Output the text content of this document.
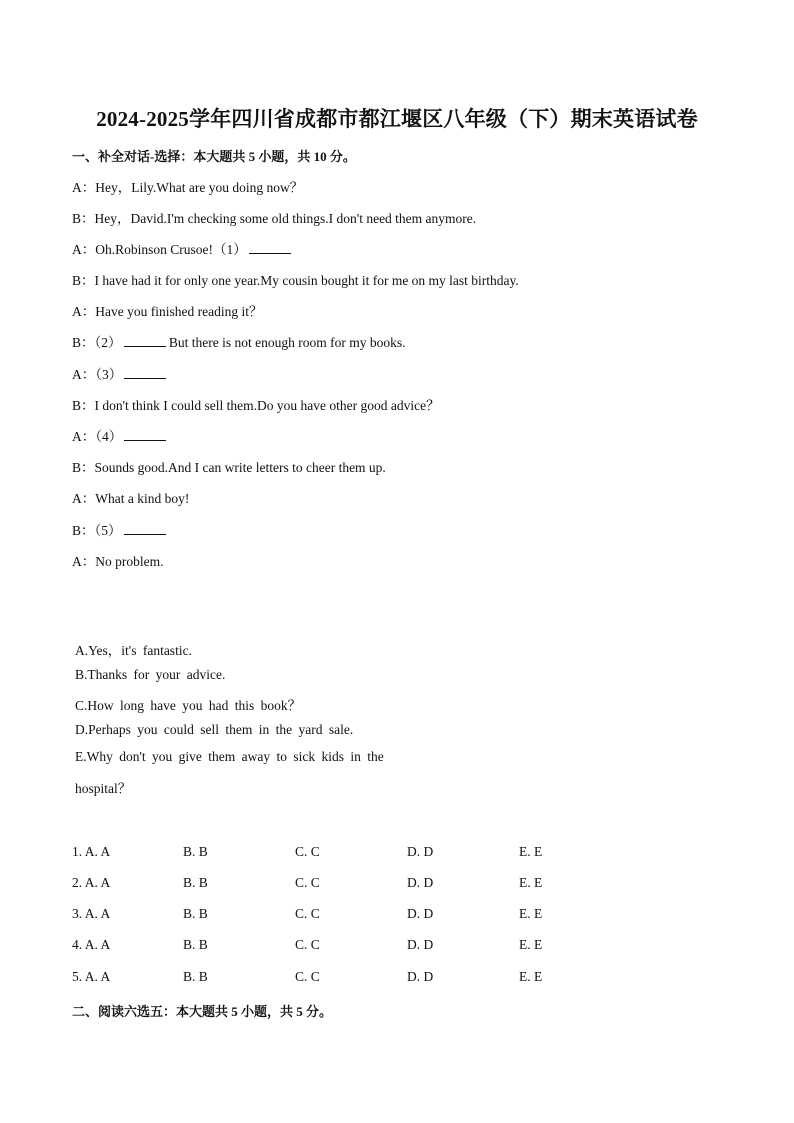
2024-2025学年四川省成都市都江堰区八年级（下）期末英语试卷
一、补全对话-选择：本大题共 5 小题，共 10 分。
A：Hey，Lily.What are you doing now？
B：Hey，David.I'm checking some old things.I don't need them anymore.
A：Oh.Robinson Crusoe!（1）
B：I have had it for only one year.My cousin bought it for me on my last birthday.
A：Have you finished reading it？
B：（2）	But there is not enough room for my books.
A：（3）
B：I don't think I could sell them.Do you have other good advice？
A：（4）
B：Sounds good.And I can write letters to cheer them up.
A：What a kind boy!
B：（5）
A：No problem.
A.Yes，it's fantastic.
B.Thanks for your advice.
C.How long have you had this book？
D.Perhaps you could sell them in the yard sale.
E.Why don't you give them away to sick kids in the
hospital？
1. A. A	B. B	C. C	D. D	E. E
2. A. A	B. B	C. C	D. D	E. E
3. A. A	B. B	C. C	D. D	E. E
4. A. A	B. B	C. C	D. D	E. E
5. A. A	B. B	C. C	D. D	E. E
二、阅读六选五：本大题共 5 小题，共 5 分。
